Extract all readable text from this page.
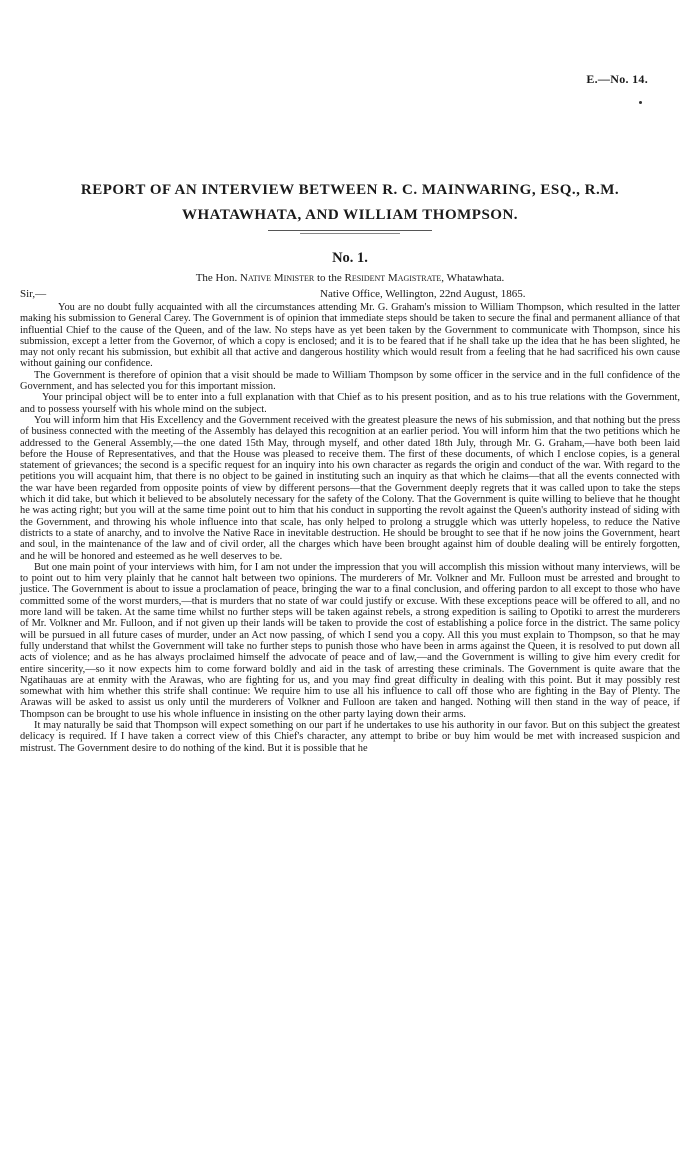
E.—No. 14.
REPORT OF AN INTERVIEW BETWEEN R. C. MAINWARING, ESQ., R.M. WHATAWHATA, AND WILLIAM THOMPSON.
No. 1.
The Hon. Native Minister to the Resident Magistrate, Whatawhata.
Sir,—	Native Office, Wellington, 22nd August, 1865.

You are no doubt fully acquainted with all the circumstances attending Mr. G. Graham's mission to William Thompson, which resulted in the latter making his submission to General Carey. The Government is of opinion that immediate steps should be taken to secure the final and permanent alliance of that influential Chief to the cause of the Queen, and of the law. No steps have as yet been taken by the Government to communicate with Thompson, since his submission, except a letter from the Governor, of which a copy is enclosed; and it is to be feared that if he shall take up the idea that he has been slighted, he may not only recant his submission, but exhibit all that active and dangerous hostility which would result from a feeling that he had sacrificed his own cause without gaining our confidence.

The Government is therefore of opinion that a visit should be made to William Thompson by some officer in the service and in the full confidence of the Government, and has selected you for this important mission.

Your principal object will be to enter into a full explanation with that Chief as to his present position, and as to his true relations with the Government, and to possess yourself with his whole mind on the subject.

You will inform him that His Excellency and the Government received with the greatest pleasure the news of his submission, and that nothing but the press of business connected with the meeting of the Assembly has delayed this recognition at an earlier period. You will inform him that the two petitions which he addressed to the General Assembly,—the one dated 15th May, through myself, and other dated 18th July, through Mr. G. Graham,—have both been laid before the House of Representatives, and that the House was pleased to receive them. The first of these documents, of which I enclose copies, is a general statement of grievances; the second is a specific request for an inquiry into his own character as regards the origin and conduct of the war. With regard to the petitions you will acquaint him, that there is no object to be gained in instituting such an inquiry as that which he claims—that all the events connected with the war have been regarded from opposite points of view by different persons—that the Government deeply regrets that it was called upon to take the steps which it did take, but which it believed to be absolutely necessary for the safety of the Colony. That the Government is quite willing to believe that he thought he was acting right; but you will at the same time point out to him that his conduct in supporting the revolt against the Queen's authority instead of siding with the Government, and throwing his whole influence into that scale, has only helped to prolong a struggle which was utterly hopeless, to reduce the Native districts to a state of anarchy, and to involve the Native Race in inevitable destruction. He should be brought to see that if he now joins the Government, heart and soul, in the maintenance of the law and of civil order, all the charges which have been brought against him of double dealing will be entirely forgotten, and he will be honored and esteemed as he well deserves to be.

But one main point of your interviews with him, for I am not under the impression that you will accomplish this mission without many interviews, will be to point out to him very plainly that he cannot halt between two opinions. The murderers of Mr. Volkner and Mr. Fulloon must be arrested and brought to justice. The Government is about to issue a proclamation of peace, bringing the war to a final conclusion, and offering pardon to all except to those who have committed some of the worst murders,—that is murders that no state of war could justify or excuse. With these exceptions peace will be offered to all, and no more land will be taken. At the same time whilst no further steps will be taken against rebels, a strong expedition is sailing to Opotiki to arrest the murderers of Mr. Volkner and Mr. Fulloon, and if not given up their lands will be taken to provide the cost of establishing a police force in the district. The same policy will be pursued in all future cases of murder, under an Act now passing, of which I send you a copy. All this you must explain to Thompson, so that he may fully understand that whilst the Government will take no further steps to punish those who have been in arms against the Queen, it is resolved to put down all acts of violence; and as he has always proclaimed himself the advocate of peace and of law,—and the Government is willing to give him every credit for entire sincerity,—so it now expects him to come forward boldly and aid in the task of arresting these criminals. The Government is quite aware that the Ngatihauas are at enmity with the Arawas, who are fighting for us, and you may find great difficulty in dealing with this point. But it may possibly rest somewhat with him whether this strife shall continue: We require him to use all his influence to call off those who are fighting in the Bay of Plenty. The Arawas will be asked to assist us only until the murderers of Volkner and Fulloon are taken and hanged. Nothing will then stand in the way of peace, if Thompson can be brought to use his whole influence in insisting on the other party laying down their arms.

It may naturally be said that Thompson will expect something on our part if he undertakes to use his authority in our favor. But on this subject the greatest delicacy is required. If I have taken a correct view of this Chief's character, any attempt to bribe or buy him would be met with increased suspicion and mistrust. The Government desire to do nothing of the kind. But it is possible that he
